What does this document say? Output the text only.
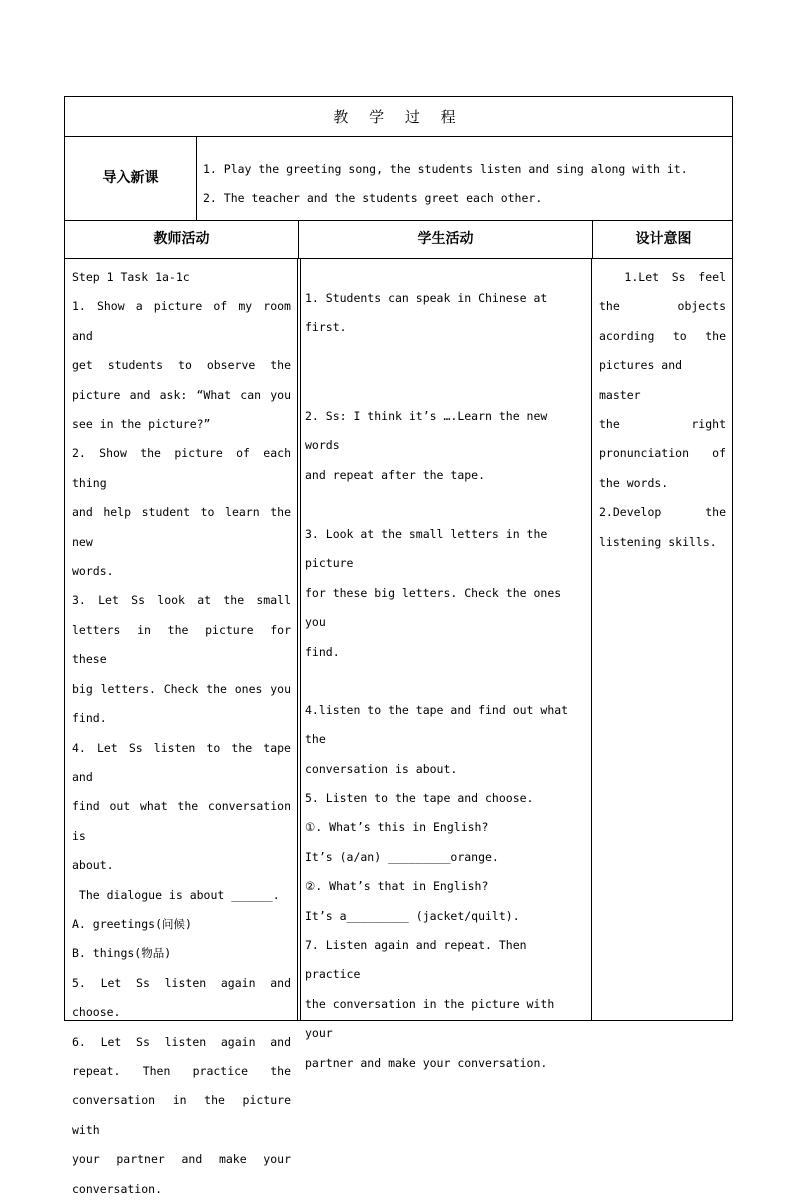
教 学 过 程
导入新课
1. Play the greeting song, the students listen and sing along with it.
2. The teacher and the students greet each other.
教师活动	学生活动	设计意图

Step 1 Task 1a-1c

1. Show a picture of my room and

get students to observe the

picture and ask: “What can you

see in the picture?”

2. Show the picture of each thing

and help student to learn the new

words.

3. Let Ss look at the small

letters in the picture for these

big letters. Check the ones you

find.

4. Let Ss listen to the tape and

find out what the conversation is

about.

The dialogue is about ______.

A. greetings(问候)

B. things(物品)

5. Let Ss listen again and

choose.

6. Let Ss listen again and

repeat. Then practice the

conversation in the picture with

your partner and make your

conversation.

1. Students can speak in Chinese at first.

2. Ss: I think it’s ….Learn the new words

and repeat after the tape.

3. Look at the small letters in the picture

for these big letters. Check the ones you

find.

4.listen to the tape and find out what the

conversation is about.

5. Listen to the tape and choose.

①. What’s this in English?

It’s (a/an) _________orange.

②. What’s that in English?

It’s a_________ (jacket/quilt).

7. Listen again and repeat. Then practice

the conversation in the picture with your

partner and make your conversation.

1.Let Ss feel

the objects

acording to the

pictures and master

the right

pronunciation of

the words.

2.Develop the

listening skills.
